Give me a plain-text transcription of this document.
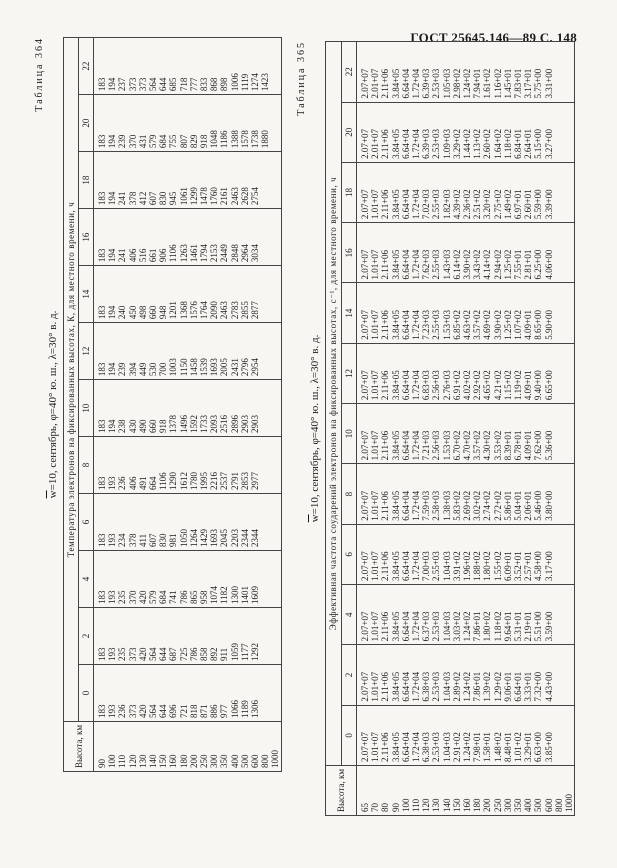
ГОСТ 25645.146—89 С. 148
Таблица 364
$\overline{w}=10$, сентябрь, φ=40° ю. ш., λ=30° в. д.
Высота, км	Температура электронов на фиксированных высотах, К, для местного времени, ч											
	0	2	4	6	8	10	12	14	16	18	20	22
90	183	183	183	183	183	183	183	183	183	183	183	183
100	193	193	193	193	193	194	194	194	194	194	194	194
110	236	235	235	234	236	238	239	240	241	241	239	237
120	373	373	370	378	406	430	394	450	406	378	370	373
130	420	420	420	411	491	490	449	498	516	412	431	373
140	564	564	579	607	664	660	530	660	661	607	579	564
150	644	644	684	830	1106	918	700	948	906	830	684	644
160	696	687	741	981	1290	1378	1003	1201	1106	945	755	685
180	721	725	786	1050	1612	1496	1150	1368	1263	1061	807	718
200	818	786	865	1264	1780	1592	1458	1576	1461	1299	829	777
250	871	858	958	1429	1995	1733	1539	1764	1794	1478	918	833
300	886	892	1074	1693	2216	2093	1693	2090	2153	1760	1048	868
350	977	911	1182	2045	2537	2516	2005	2463	2449	2161	1186	898
400	1066	1059	1300	2203	2791	2896	2431	2783	2848	2463	1388	1006
500	1189	1177	1401	2344	2853	2903	2796	2855	2964	2628	1578	1119
600	1306	1292	1609	2344	2977	2903	2954	2877	3034	2754	1738	1274
800											1880	1423
1000												
Таблица 365
$\overline{w}=10$, сентябрь, φ=40° ю. ш., λ=30° в. д.
Высота, км	Эффективная частота соударений электронов на фиксированных высотах, с⁻¹, для местного времени, ч											
	0	2	4	6	8	10	12	14	16	18	20	22
65	2.07+07	2.07+07	2.07+07	2.07+07	2.07+07	2.07+07	2.07+07	2.07+07	2.07+07	2.07+07	2.07+07	2.07+07
70	1.01+07	1.01+07	1.01+07	1.01+07	1.01+07	1.01+07	1.01+07	1.01+07	1.01+07	1.01+07	2.01+07	2.01+07
80	2.11+06	2.11+06	2.11+06	2.11+06	2.11+06	2.11+06	2.11+06	2.11+06	2.11+06	2.11+06	2.11+06	2.11+06
90	3.84+05	3.84+05	3.84+05	3.84+05	3.84+05	3.84+05	3.84+05	3.84+05	3.84+05	3.84+05	3.84+05	3.84+05
100	6.64+04	6.64+04	6.64+04	6.64+04	6.64+04	6.64+04	6.64+04	6.64+04	6.64+04	6.64+04	6.64+04	6.64+04
110	1.72+04	1.72+04	1.72+04	1.72+04	1.72+04	1.72+04	1.72+04	1.72+04	1.72+04	1.72+04	1.72+04	1.72+04
120	6.38+03	6.38+03	6.37+03	7.00+03	7.59+03	7.21+03	6.83+03	7.23+03	7.62+03	7.02+03	6.39+03	6.39+03
130	2.53+03	2.53+03	2.53+03	2.55+03	2.58+03	2.56+03	2.56+03	2.55+03	2.55+03	2.55+03	2.53+03	2.53+03
140	1.04+03	1.04+03	1.04+03	1.04+03	1.38+03	1.53+03	2.76+03	1.53+03	1.43+03	1.82+03	1.09+03	1.05+03
150	2.91+02	2.89+02	3.03+02	3.91+02	5.83+02	6.70+02	6.91+02	6.85+02	6.14+02	4.39+02	3.29+02	2.98+02
160	1.24+02	1.24+02	1.24+02	1.96+02	2.69+02	4.70+02	4.02+02	4.63+02	3.90+02	2.36+02	1.44+02	1.24+02
180	7.98+01	7.86+01	7.86+01	1.88+02	3.02+02	3.57+02	2.92+02	3.57+02	3.43+02	2.51+02	1.13+02	7.94+01
200	1.58+01	1.39+02	1.80+02	1.80+02	2.74+02	4.30+02	4.65+02	4.69+02	4.14+02	3.20+02	2.60+02	1.61+02
250	1.48+02	1.29+02	1.18+02	1.55+02	2.72+02	3.53+02	4.21+02	3.90+02	2.94+02	2.75+02	1.64+02	1.16+02
300	8.48+01	9.06+01	9.64+01	6.09+01	5.86+01	8.39+01	1.15+02	1.25+02	1.25+02	1.49+02	1.18+02	1.45+01
350	1.01+02	6.64+01	5.31+01	3.52+01	5.04+01	6.78+01	1.19+02	1.07+02	7.55+01	6.97+01	6.84+01	7.83+01
400	3.29+01	3.33+01	2.19+01	2.57+01	2.06+01	4.09+01	4.09+01	4.09+01	2.81+01	2.60+01	2.64+01	3.17+01
500	6.63+00	7.32+00	5.51+00	4.58+00	5.46+00	7.62+00	9.40+00	8.65+00	6.25+00	5.59+00	5.15+00	5.75+00
600	3.85+00	4.43+00	3.59+00	3.17+00	3.80+00	5.36+00	6.65+00	5.90+00	4.06+00	3.39+00	3.27+00	3.31+00
800												
1000												
